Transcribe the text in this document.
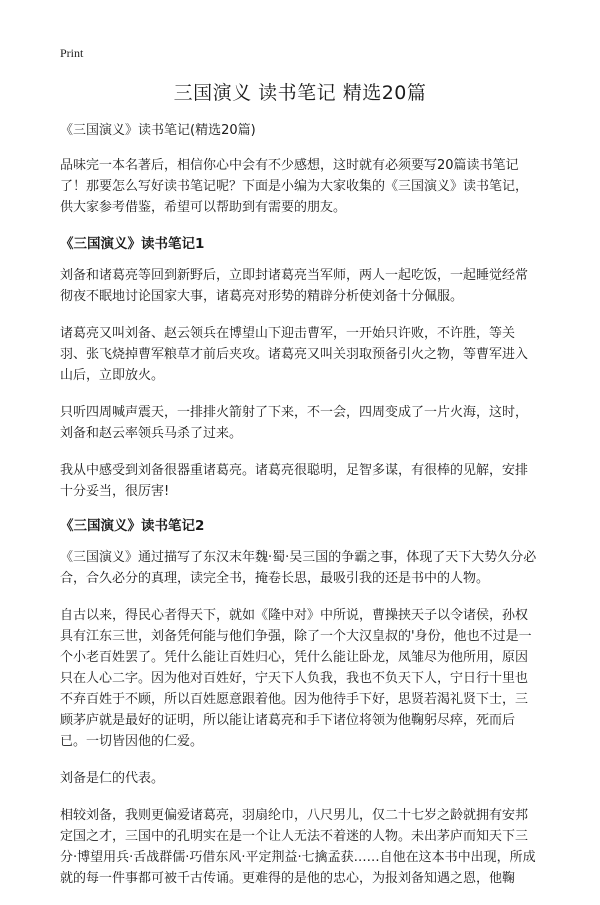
Print
三国演义 读书笔记 精选20篇

《三国演义》读书笔记(精选20篇)

品味完一本名著后，相信你心中会有不少感想，这时就有必须要写20篇读书笔记了！那要怎么写好读书笔记呢？下面是小编为大家收集的《三国演义》读书笔记，供大家参考借鉴，希望可以帮助到有需要的朋友。

《三国演义》读书笔记1

刘备和诸葛亮等回到新野后，立即封诸葛亮当军师，两人一起吃饭，一起睡觉经常彻夜不眠地讨论国家大事，诸葛亮对形势的精辟分析使刘备十分佩服。

诸葛亮又叫刘备、赵云领兵在博望山下迎击曹军，一开始只许败，不许胜，等关羽、张飞烧掉曹军粮草才前后夹攻。诸葛亮又叫关羽取预备引火之物，等曹军进入山后，立即放火。

只听四周喊声震天，一排排火箭射了下来，不一会，四周变成了一片火海，这时，刘备和赵云率领兵马杀了过来。

我从中感受到刘备很器重诸葛亮。诸葛亮很聪明，足智多谋，有很棒的见解，安排十分妥当，很厉害!

《三国演义》读书笔记2

《三国演义》通过描写了东汉末年魏·蜀·吴三国的争霸之事，体现了天下大势久分必合，合久必分的真理，读完全书，掩卷长思，最吸引我的还是书中的人物。

自古以来，得民心者得天下，就如《隆中对》中所说，曹操挟天子以令诸侯，孙权具有江东三世，刘备凭何能与他们争强，除了一个大汉皇叔的'身份，他也不过是一个小老百姓罢了。凭什么能让百姓归心，凭什么能让卧龙，凤雏尽为他所用，原因只在人心二字。因为他对百姓好，宁天下人负我，我也不负天下人，宁日行十里也不弃百姓于不顾，所以百姓愿意跟着他。因为他待手下好，思贤若渴礼贤下士，三顾茅庐就是最好的证明，所以能让诸葛亮和手下诸位将领为他鞠躬尽瘁，死而后已。一切皆因他的仁爱。

刘备是仁的代表。

相较刘备，我则更偏爱诸葛亮，羽扇纶巾，八尺男儿，仅二十七岁之龄就拥有安邦定国之才，三国中的孔明实在是一个让人无法不着迷的人物。未出茅庐而知天下三分·博望用兵·舌战群儒·巧借东风·平定荆益·七擒孟获……自他在这本书中出现，所成就的每一件事都可被千古传诵。更难得的是他的忠心，为报刘备知遇之恩，他鞠
